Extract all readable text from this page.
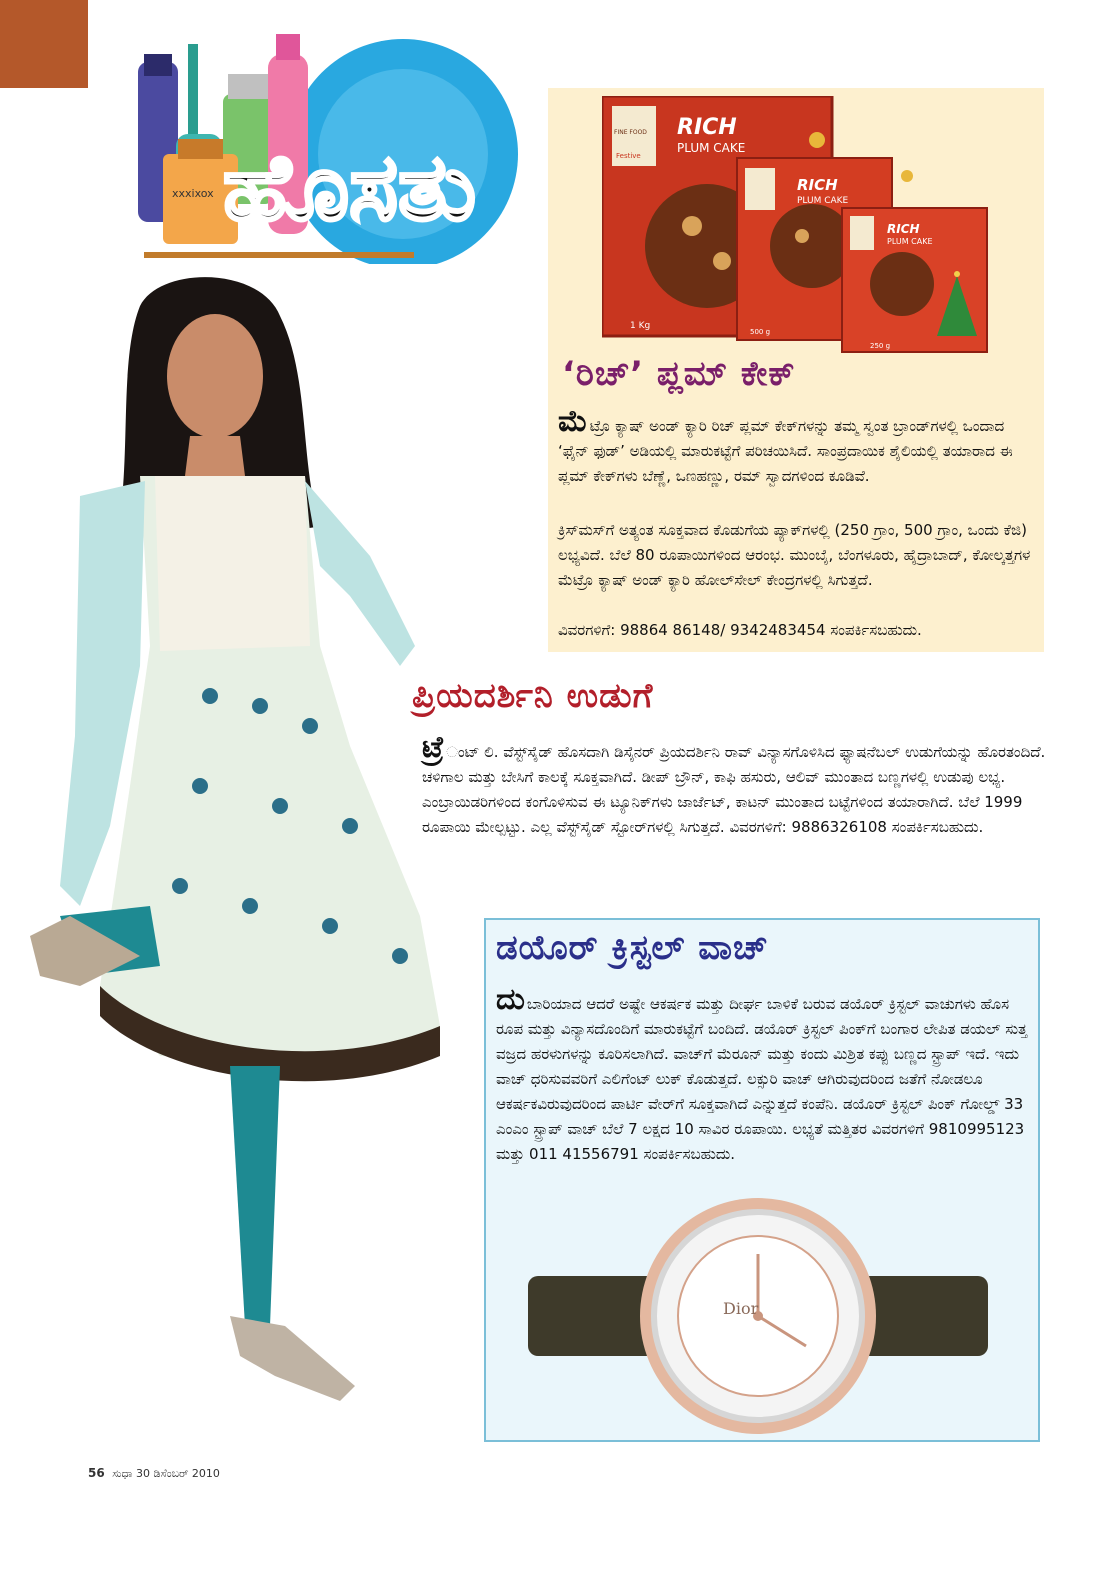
xxxixox ಹೊಸತು
RICH
PLUM CAKE
FINE FOOD
Festive
1 Kg
RICH
PLUM CAKE
500 g
RICH
PLUM CAKE
250 g
‘ರಿಚ್’ ಪ್ಲಮ್ ಕೇಕ್
ಮೆಟ್ರೊ ಕ್ಯಾಷ್ ಅಂಡ್ ಕ್ಯಾರಿ ರಿಚ್ ಪ್ಲಮ್ ಕೇಕ್‌ಗಳನ್ನು ತಮ್ಮ ಸ್ವಂತ ಬ್ರಾಂಡ್‌ಗಳಲ್ಲಿ ಒಂದಾದ ‘ಫೈನ್ ಫುಡ್’ ಅಡಿಯಲ್ಲಿ ಮಾರುಕಟ್ಟೆಗೆ ಪರಿಚಯಿಸಿದೆ. ಸಾಂಪ್ರದಾಯಿಕ ಶೈಲಿಯಲ್ಲಿ ತಯಾರಾದ ಈ ಪ್ಲಮ್ ಕೇಕ್‌ಗಳು ಬೆಣ್ಣೆ, ಒಣಹಣ್ಣು, ರಮ್ ಸ್ವಾದಗಳಿಂದ ಕೂಡಿವೆ.
ಕ್ರಿಸ್‌ಮಸ್‌ಗೆ ಅತ್ಯಂತ ಸೂಕ್ತವಾದ ಕೊಡುಗೆಯ ಪ್ಯಾಕ್‌ಗಳಲ್ಲಿ (250 ಗ್ರಾಂ, 500 ಗ್ರಾಂ, ಒಂದು ಕೆಜಿ) ಲಭ್ಯವಿದೆ. ಬೆಲೆ 80 ರೂಪಾಯಿಗಳಿಂದ ಆರಂಭ. ಮುಂಬೈ, ಬೆಂಗಳೂರು, ಹೈದ್ರಾಬಾದ್, ಕೋಲ್ಕತ್ತಗಳ ಮೆಟ್ರೊ ಕ್ಯಾಷ್ ಅಂಡ್ ಕ್ಯಾರಿ ಹೋಲ್‌ಸೇಲ್ ಕೇಂದ್ರಗಳಲ್ಲಿ ಸಿಗುತ್ತದೆ.
ವಿವರಗಳಿಗೆ: 98864 86148/ 9342483454 ಸಂಪರ್ಕಿಸಬಹುದು.
ಪ್ರಿಯದರ್ಶಿನಿ ಉಡುಗೆ
ಟ್ರೆ ಂಟ್ ಲಿ. ವೆಸ್ಟ್‌ಸೈಡ್ ಹೊಸದಾಗಿ ಡಿಸೈನರ್ ಪ್ರಿಯದರ್ಶಿನಿ ರಾವ್ ವಿನ್ಯಾಸಗೊಳಿಸಿದ ಫ್ಯಾಷನೆಬಲ್ ಉಡುಗೆಯನ್ನು ಹೊರತಂದಿದೆ. ಚಳಿಗಾಲ ಮತ್ತು ಬೇಸಿಗೆ ಕಾಲಕ್ಕೆ ಸೂಕ್ತವಾಗಿದೆ. ಡೀಪ್ ಬ್ರೌನ್, ಕಾಫಿ ಹಸುರು, ಆಲಿವ್ ಮುಂತಾದ ಬಣ್ಣಗಳಲ್ಲಿ ಉಡುಪು ಲಭ್ಯ. ಎಂಬ್ರಾಯಿಡರಿಗಳಿಂದ ಕಂಗೊಳಿಸುವ ಈ ಟ್ಯೂನಿಕ್‌ಗಳು ಜಾರ್ಜೆಟ್, ಕಾಟನ್ ಮುಂತಾದ ಬಟ್ಟೆಗಳಿಂದ ತಯಾರಾಗಿದೆ. ಬೆಲೆ 1999 ರೂಪಾಯಿ ಮೇಲ್ಪಟ್ಟು. ಎಲ್ಲ ವೆಸ್ಟ್‌ಸೈಡ್ ಸ್ಟೋರ್‌ಗಳಲ್ಲಿ ಸಿಗುತ್ತದೆ. ವಿವರಗಳಿಗೆ: 9886326108 ಸಂಪರ್ಕಿಸಬಹುದು.
ಡಯೊರ್ ಕ್ರಿಸ್ಟಲ್ ವಾಚ್
ದುಬಾರಿಯಾದ ಆದರೆ ಅಷ್ಟೇ ಆಕರ್ಷಕ ಮತ್ತು ದೀರ್ಘ ಬಾಳಿಕೆ ಬರುವ ಡಯೊರ್ ಕ್ರಿಸ್ಟಲ್ ವಾಚುಗಳು ಹೊಸ ರೂಪ ಮತ್ತು ವಿನ್ಯಾಸದೊಂದಿಗೆ ಮಾರುಕಟ್ಟೆಗೆ ಬಂದಿದೆ. ಡಯೊರ್ ಕ್ರಿಸ್ಟಲ್ ಪಿಂಕ್‌ಗೆ ಬಂಗಾರ ಲೇಪಿತ ಡಯಲ್ ಸುತ್ತ ವಜ್ರದ ಹರಳುಗಳನ್ನು ಕೂರಿಸಲಾಗಿದೆ. ವಾಚ್‌ಗೆ ಮೆರೂನ್ ಮತ್ತು ಕಂದು ಮಿಶ್ರಿತ ಕಪ್ಪು ಬಣ್ಣದ ಸ್ಟ್ರಾಪ್ ಇದೆ. ಇದು ವಾಚ್ ಧರಿಸುವವರಿಗೆ ಎಲಿಗೆಂಟ್ ಲುಕ್ ಕೊಡುತ್ತದೆ. ಲಕ್ಸುರಿ ವಾಚ್ ಆಗಿರುವುದರಿಂದ ಜತೆಗೆ ನೋಡಲೂ ಆಕರ್ಷಕವಿರುವುದರಿಂದ ಪಾರ್ಟಿ ವೇರ್‌ಗೆ ಸೂಕ್ತವಾಗಿದೆ ಎನ್ನುತ್ತದೆ ಕಂಪೆನಿ. ಡಯೊರ್ ಕ್ರಿಸ್ಟಲ್ ಪಿಂಕ್ ಗೋಲ್ಡ್ 33 ಎಂಎಂ ಸ್ಟ್ರಾಪ್ ವಾಚ್ ಬೆಲೆ 7 ಲಕ್ಷದ 10 ಸಾವಿರ ರೂಪಾಯಿ. ಲಭ್ಯತೆ ಮತ್ತಿತರ ವಿವರಗಳಿಗೆ 9810995123 ಮತ್ತು 011 41556791 ಸಂಪರ್ಕಿಸಬಹುದು.
Dior
56 ಸುಧಾ 30 ಡಿಸೆಂಬರ್ 2010
